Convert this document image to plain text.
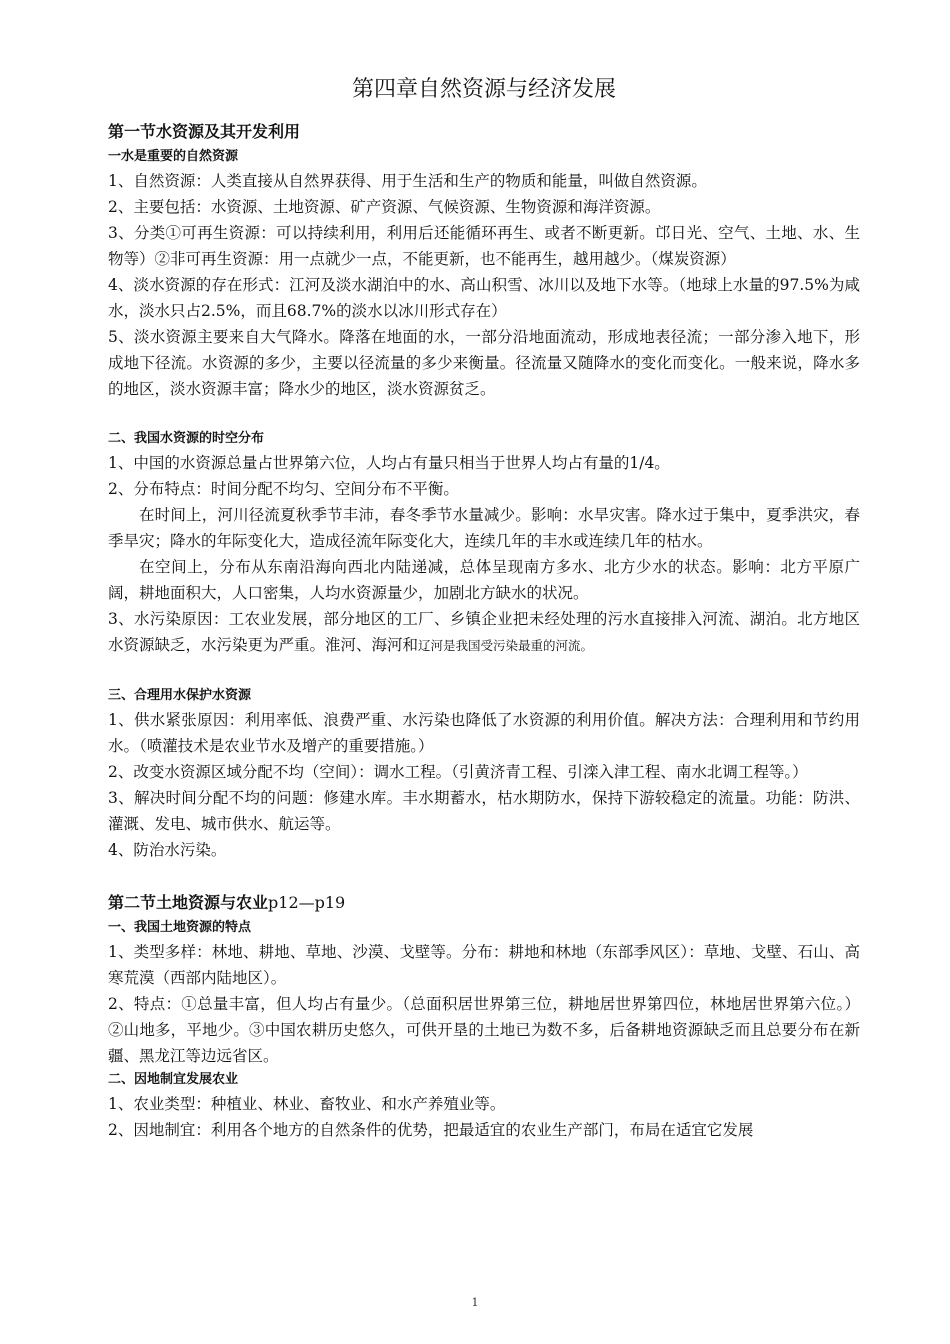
第四章自然资源与经济发展
第一节水资源及其开发利用
一水是重要的自然资源

1、自然资源：人类直接从自然界获得、用于生活和生产的物质和能量，叫做自然资源。

2、主要包括：水资源、土地资源、矿产资源、气候资源、生物资源和海洋资源。

3、分类①可再生资源：可以持续利用，利用后还能循环再生、或者不断更新。邙日光、空气、土地、水、生物等）②非可再生资源：用一点就少一点，不能更新，也不能再生，越用越少。（煤炭资源）

4、淡水资源的存在形式：江河及淡水湖泊中的水、高山积雪、冰川以及地下水等。（地球上水量的97.5%为咸水，淡水只占2.5%，而且68.7%的淡水以冰川形式存在）

5、淡水资源主要来自大气降水。降落在地面的水，一部分沿地面流动，形成地表径流；一部分渗入地下，形成地下径流。水资源的多少，主要以径流量的多少来衡量。径流量又随降水的变化而变化。一般来说，降水多的地区，淡水资源丰富；降水少的地区，淡水资源贫乏。

二、我国水资源的时空分布

1、中国的水资源总量占世界第六位，人均占有量只相当于世界人均占有量的1/4。

2、分布特点：时间分配不均匀、空间分布不平衡。

在时间上，河川径流夏秋季节丰沛，春冬季节水量减少。影响：水旱灾害。降水过于集中，夏季洪灾，春季旱灾；降水的年际变化大，造成径流年际变化大，连续几年的丰水或连续几年的枯水。

在空间上，分布从东南沿海向西北内陆递减，总体呈现南方多水、北方少水的状态。影响：北方平原广阔，耕地面积大，人口密集，人均水资源量少，加剧北方缺水的状况。

3、水污染原因：工农业发展，部分地区的工厂、乡镇企业把未经处理的污水直接排入河流、湖泊。北方地区水资源缺乏，水污染更为严重。淮河、海河和辽河是我国受污染最重的河流。

三、合理用水保护水资源

1、供水紧张原因：利用率低、浪费严重、水污染也降低了水资源的利用价值。解决方法：合理利用和节约用水。（喷灌技术是农业节水及增产的重要措施。）

2、改变水资源区域分配不均（空间）：调水工程。（引黄济青工程、引滦入津工程、南水北调工程等。）

3、解决时间分配不均的问题：修建水库。丰水期蓄水，枯水期防水，保持下游较稳定的流量。功能：防洪、灌溉、发电、城市供水、航运等。

4、防治水污染。

第二节土地资源与农业p12—p19
一、我国土地资源的特点

1、类型多样：林地、耕地、草地、沙漠、戈壁等。分布：耕地和林地（东部季风区）：草地、戈壁、石山、高寒荒漠（西部内陆地区）。

2、特点：①总量丰富，但人均占有量少。（总面积居世界第三位，耕地居世界第四位，林地居世界第六位。）②山地多，平地少。③中国农耕历史悠久，可供开垦的土地已为数不多，后备耕地资源缺乏而且总要分布在新疆、黑龙江等边远省区。

二、因地制宜发展农业

1、农业类型：种植业、林业、畜牧业、和水产养殖业等。

2、因地制宜：利用各个地方的自然条件的优势，把最适宜的农业生产部门，布局在适宜它发展

1
